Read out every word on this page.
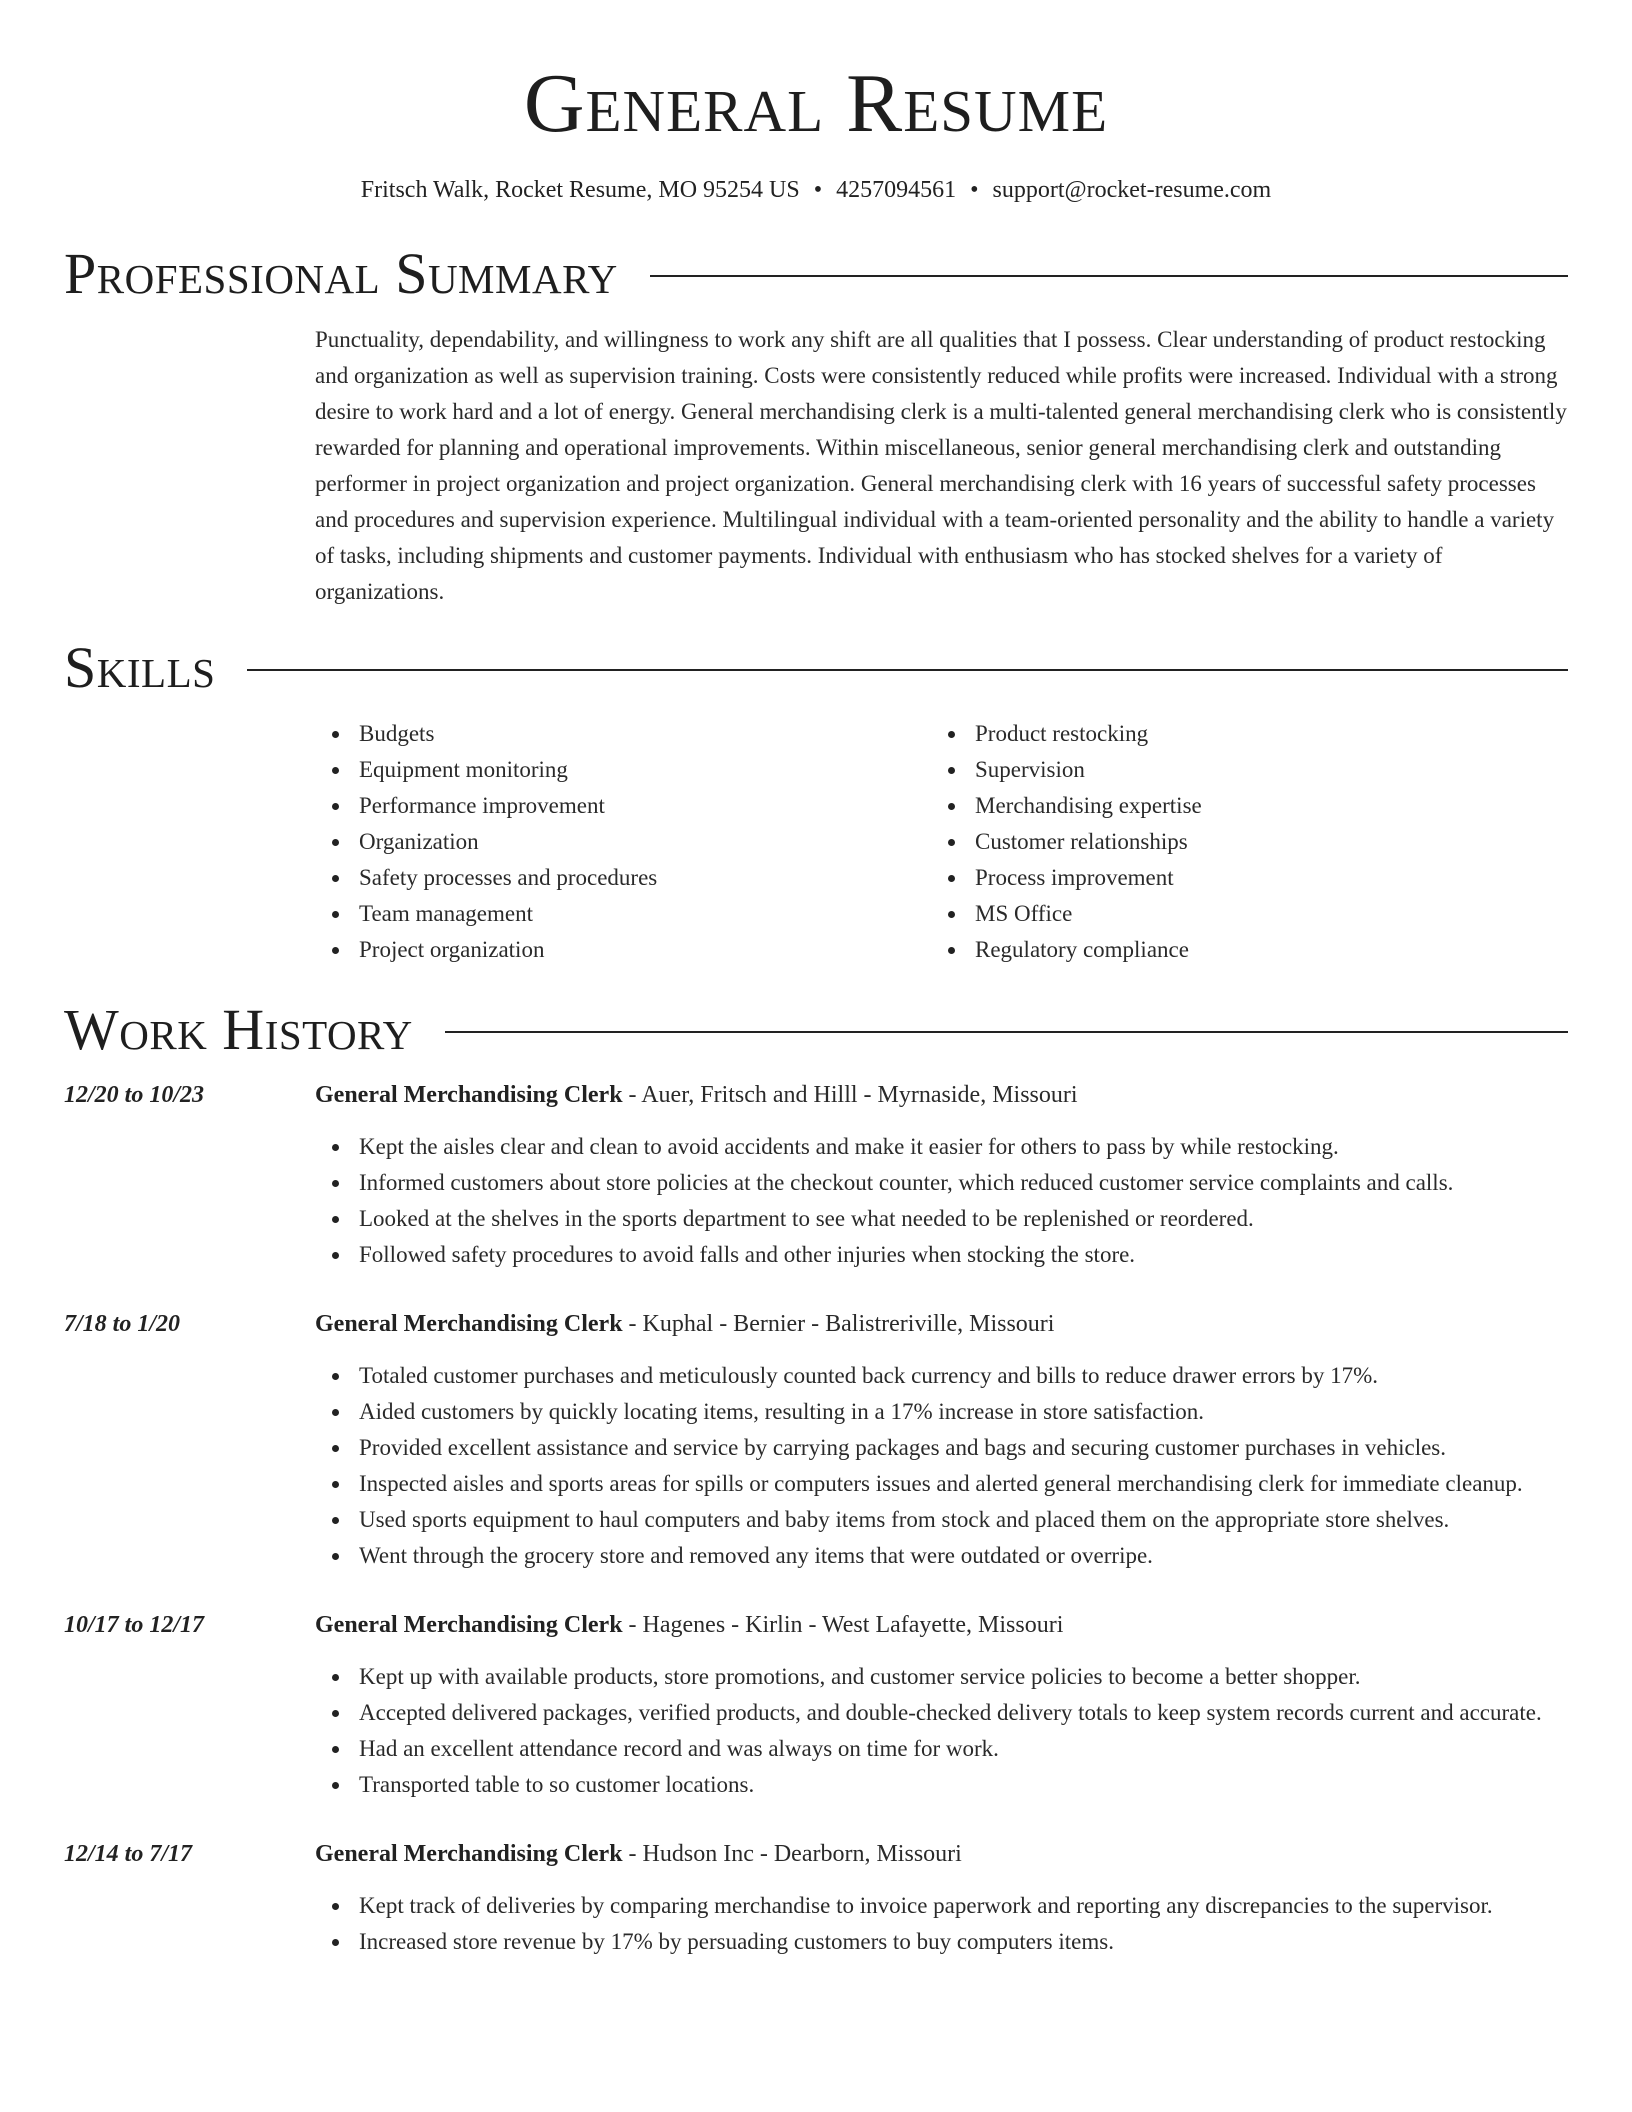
General Resume
Fritsch Walk, Rocket Resume, MO 95254 US • 4257094561 • support@rocket-resume.com
Professional Summary

Punctuality, dependability, and willingness to work any shift are all qualities that I possess. Clear understanding of product restocking and organization as well as supervision training. Costs were consistently reduced while profits were increased. Individual with a strong desire to work hard and a lot of energy. General merchandising clerk is a multi-talented general merchandising clerk who is consistently rewarded for planning and operational improvements. Within miscellaneous, senior general merchandising clerk and outstanding performer in project organization and project organization. General merchandising clerk with 16 years of successful safety processes and procedures and supervision experience. Multilingual individual with a team-oriented personality and the ability to handle a variety of tasks, including shipments and customer payments. Individual with enthusiasm who has stocked shelves for a variety of organizations.

Skills
Budgets
Equipment monitoring
Performance improvement
Organization
Safety processes and procedures
Team management
Project organization
Product restocking
Supervision
Merchandising expertise
Customer relationships
Process improvement
MS Office
Regulatory compliance
Work History
12/20 to 10/23	General Merchandising Clerk - Auer, Fritsch and Hilll - Myrnaside, Missouri
Kept the aisles clear and clean to avoid accidents and make it easier for others to pass by while restocking.
Informed customers about store policies at the checkout counter, which reduced customer service complaints and calls.
Looked at the shelves in the sports department to see what needed to be replenished or reordered.
Followed safety procedures to avoid falls and other injuries when stocking the store.
7/18 to 1/20	General Merchandising Clerk - Kuphal - Bernier - Balistreriville, Missouri
Totaled customer purchases and meticulously counted back currency and bills to reduce drawer errors by 17%.
Aided customers by quickly locating items, resulting in a 17% increase in store satisfaction.
Provided excellent assistance and service by carrying packages and bags and securing customer purchases in vehicles.
Inspected aisles and sports areas for spills or computers issues and alerted general merchandising clerk for immediate cleanup.
Used sports equipment to haul computers and baby items from stock and placed them on the appropriate store shelves.
Went through the grocery store and removed any items that were outdated or overripe.
10/17 to 12/17	General Merchandising Clerk - Hagenes - Kirlin - West Lafayette, Missouri
Kept up with available products, store promotions, and customer service policies to become a better shopper.
Accepted delivered packages, verified products, and double-checked delivery totals to keep system records current and accurate.
Had an excellent attendance record and was always on time for work.
Transported table to so customer locations.
12/14 to 7/17	General Merchandising Clerk - Hudson Inc - Dearborn, Missouri
Kept track of deliveries by comparing merchandise to invoice paperwork and reporting any discrepancies to the supervisor.
Increased store revenue by 17% by persuading customers to buy computers items.
